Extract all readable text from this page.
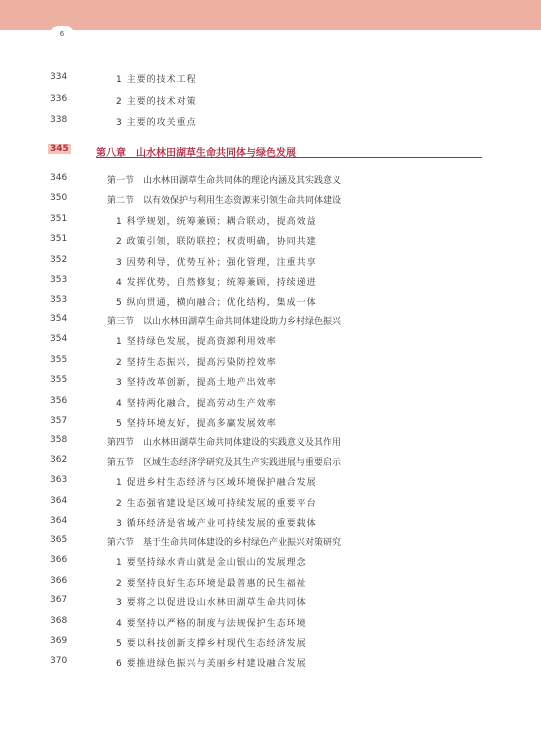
6
334	1 主要的技术工程
336	2 主要的技术对策
338	3 主要的攻关重点
345	第八章　山水林田湖草生命共同体与绿色发展
346	第一节　山水林田湖草生命共同体的理论内涵及其实践意义
350	第二节　以有效保护与利用生态资源来引领生命共同体建设
351	1 科学规划，统筹兼顾；耦合联动，提高效益
351	2 政策引领，联防联控；权责明确，协同共建
352	3 因势利导，优势互补；强化管理，注重共享
353	4 发挥优势，自然修复；统筹兼顾，持续递进
353	5 纵向贯通，横向融合；优化结构，集成一体
354	第三节　以山水林田湖草生命共同体建设助力乡村绿色振兴
354	1 坚持绿色发展，提高资源利用效率
355	2 坚持生态振兴，提高污染防控效率
355	3 坚持改革创新，提高土地产出效率
356	4 坚持两化融合，提高劳动生产效率
357	5 坚持环境友好，提高多赢发展效率
358	第四节　山水林田湖草生命共同体建设的实践意义及其作用
362	第五节　区域生态经济学研究及其生产实践进展与重要启示
363	1 促进乡村生态经济与区域环境保护融合发展
364	2 生态强省建设是区域可持续发展的重要平台
364	3 循环经济是省域产业可持续发展的重要载体
365	第六节　基于生命共同体建设的乡村绿色产业振兴对策研究
366	1 要坚持绿水青山就是金山银山的发展理念
366	2 要坚持良好生态环境是最普惠的民生福祉
367	3 要将之以促进设山水林田湖草生命共同体
368	4 要坚持以严格的制度与法规保护生态环境
369	5 要以科技创新支撑乡村现代生态经济发展
370	6 要推进绿色振兴与美丽乡村建设融合发展
